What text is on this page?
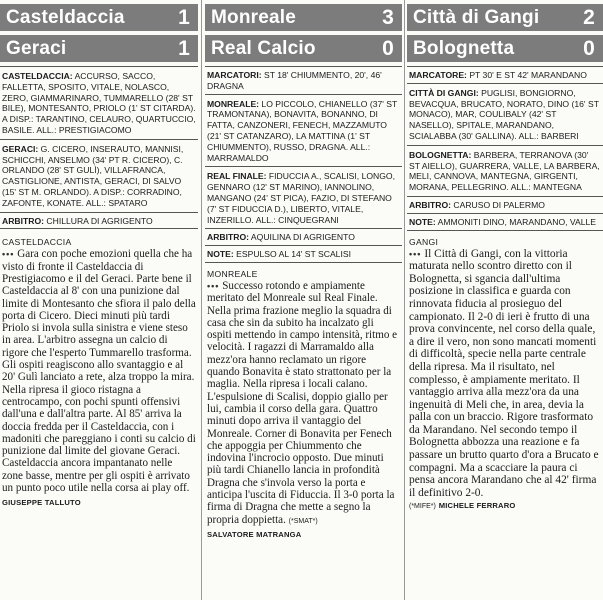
Casteldaccia	1
Geraci	1
CASTELDACCIA: ACCURSO, SACCO, FALLETTA, SPOSITO, VITALE, NOLASCO, ZERO, GIAMMARINARO, TUMMARELLO (28' ST BILE), MONTESANTO, PRIOLO (1' ST CITARDA). A DISP.: TARANTINO, CELAURO, QUARTUCCIO, BASILE. ALL.: PRESTIGIACOMO
GERACI: G. CICERO, INSERAUTO, MANNISI, SCHICCHI, ANSELMO (34' PT R. CICERO), C. ORLANDO (28' ST GULÌ), VILLAFRANCA, CASTIGLIONE, ANTISTA, GERACI, DI SALVO (15' ST M. ORLANDO). A DISP.: CORRADINO, ZAFONTE, KONATE. ALL.: SPATARO
ARBITRO: CHILLURA DI AGRIGENTO
CASTELDACCIA
••• Gara con poche emozioni quella che ha visto di fronte il Casteldaccia di Prestigiacomo e il del Geraci. Parte bene il Casteldaccia al 8' con una punizione dal limite di Montesanto che sfiora il palo della porta di Cicero. Dieci minuti più tardi Priolo si invola sulla sinistra e viene steso in area. L'arbitro assegna un calcio di rigore che l'esperto Tummarello trasforma. Gli ospiti reagiscono allo svantaggio e al 20' Gulì lanciato a rete, alza troppo la mira. Nella ripresa il gioco ristagna a centrocampo, con pochi spunti offensivi dall'una e dall'altra parte. Al 85' arriva la doccia fredda per il Casteldaccia, con i madoniti che pareggiano i conti su calcio di punizione dal limite del giovane Geraci. Casteldaccia ancora impantanato nelle zone basse, mentre per gli ospiti è arrivato un punto poco utile nella corsa ai play off. GIUSEPPE TALLUTO
Monreale	3
Real Calcio	0
MARCATORI: ST 18' CHIUMMENTO, 20', 46' DRAGNA
MONREALE: LO PICCOLO, CHIANELLO (37' ST TRAMONTANA), BONAVITA, BONANNO, DI FATTA, CANZONERI, FENECH, MAZZAMUTO (21' ST CATANZARO), LA MATTINA (1' ST CHIUMMENTO), RUSSO, DRAGNA. ALL.: MARRAMALDO
REAL FINALE: FIDUCCIA A., SCALISI, LONGO, GENNARO (12' ST MARINO), IANNOLINO, MANGANO (24' ST PICA), FAZIO, DI STEFANO (7' ST FIDUCCIA D.), LIBERTO, VITALE, INZERILLO. ALL.: CINQUEGRANI
ARBITRO: AQUILINA DI AGRIGENTO
NOTE: ESPULSO AL 14' ST SCALISI
MONREALE
••• Successo rotondo e ampiamente meritato del Monreale sul Real Finale. Nella prima frazione meglio la squadra di casa che sin da subito ha incalzato gli ospiti mettendo in campo intensità, ritmo e velocità. I ragazzi di Marramaldo alla mezz'ora hanno reclamato un rigore quando Bonavita è stato strattonato per la maglia. Nella ripresa i locali calano. L'espulsione di Scalisi, doppio giallo per lui, cambia il corso della gara. Quattro minuti dopo arriva il vantaggio del Monreale. Corner di Bonavita per Fenech che appoggia per Chiummento che indovina l'incrocio opposto. Due minuti più tardi Chianello lancia in profondità Dragna che s'invola verso la porta e anticipa l'uscita di Fiduccia. Il 3-0 porta la firma di Dragna che mette a segno la propria doppietta. (*SMAT*)
SALVATORE MATRANGA
Città di Gangi 2
Bolognetta	0
MARCATORE: PT 30' E ST 42' MARANDANO
CITTÀ DI GANGI: PUGLISI, BONGIORNO, BEVACQUA, BRUCATO, NORATO, DINO (16' ST MONACO), MAR, COULIBALY (42' ST NASELLO), SPITALE, MARANDANO, SCIALABBA (30' GALLINA). ALL.: BARBERI
BOLOGNETTA: BARBERA, TERRANOVA (30' ST AIELLO), GUARRERA, VALLE, LA BARBERA, MELI, CANNOVA, MANTEGNA, GIRGENTI, MORANA, PELLEGRINO. ALL.: MANTEGNA
ARBITRO: CARUSO DI PALERMO
NOTE: AMMONITI DINO, MARANDANO, VALLE
GANGI
••• Il Città di Gangi, con la vittoria maturata nello scontro diretto con il Bolognetta, si sgancia dall'ultima posizione in classifica e guarda con rinnovata fiducia al prosieguo del campionato. Il 2-0 di ieri è frutto di una prova convincente, nel corso della quale, a dire il vero, non sono mancati momenti di difficoltà, specie nella parte centrale della ripresa. Ma il risultato, nel complesso, è ampiamente meritato. Il vantaggio arriva alla mezz'ora da una ingenuità di Meli che, in area, devia la palla con un braccio. Rigore trasformato da Marandano. Nel secondo tempo il Bolognetta abbozza una reazione e fa passare un brutto quarto d'ora a Brucato e compagni. Ma a scacciare la paura ci pensa ancora Marandano che al 42' firma il definitivo 2-0.
(*MIFE*) MICHELE FERRARO
